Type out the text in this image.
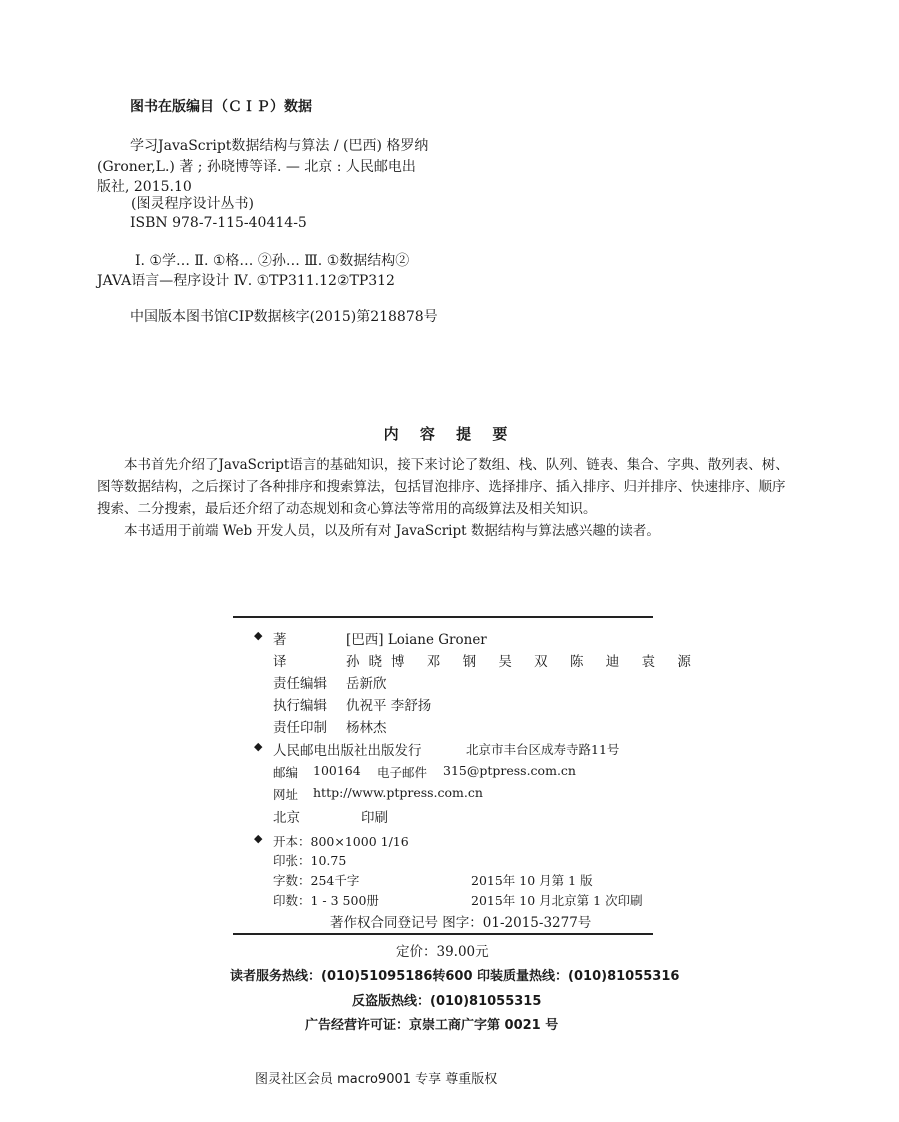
图书在版编目（ＣＩＰ）数据
学习JavaScript数据结构与算法 / (巴西) 格罗纳
(Groner,L.) 著 ; 孙晓博等译. — 北京 : 人民邮电出
版社, 2015.10
(图灵程序设计丛书)
ISBN 978-7-115-40414-5
Ⅰ. ①学… Ⅱ. ①格… ②孙… Ⅲ. ①数据结构②
JAVA语言—程序设计 Ⅳ. ①TP311.12②TP312
中国版本图书馆CIP数据核字(2015)第218878号
内 容 提 要

本书首先介绍了JavaScript语言的基础知识，接下来讨论了数组、栈、队列、链表、集合、字典、散列表、树、图等数据结构，之后探讨了各种排序和搜索算法，包括冒泡排序、选择排序、插入排序、归并排序、快速排序、顺序搜索、二分搜索，最后还介绍了动态规划和贪心算法等常用的高级算法及相关知识。

本书适用于前端 Web 开发人员，以及所有对 JavaScript 数据结构与算法感兴趣的读者。

◆ 著	[巴西] Loiane Groner
译	孙晓博 邓 钢 吴 双 陈 迪 袁 源
责任编辑 岳新欣
执行编辑 仇祝平 李舒扬
责任印制 杨林杰
◆ 人民邮电出版社出版发行	北京市丰台区成寿寺路11号
邮编 100164 电子邮件 315@ptpress.com.cn
网址 http://www.ptpress.com.cn
北京	印刷
◆ 开本：800×1000 1/16
印张：10.75
字数：254千字	2015年 10 月第 1 版
印数：1 - 3 500册	2015年 10 月北京第 1 次印刷
著作权合同登记号 图字：01-2015-3277号
定价：39.00元
读者服务热线：(010)51095186转600 印装质量热线：(010)81055316
反盗版热线：(010)81055315
广告经营许可证：京崇工商广字第 0021 号
图灵社区会员 macro9001 专享 尊重版权
